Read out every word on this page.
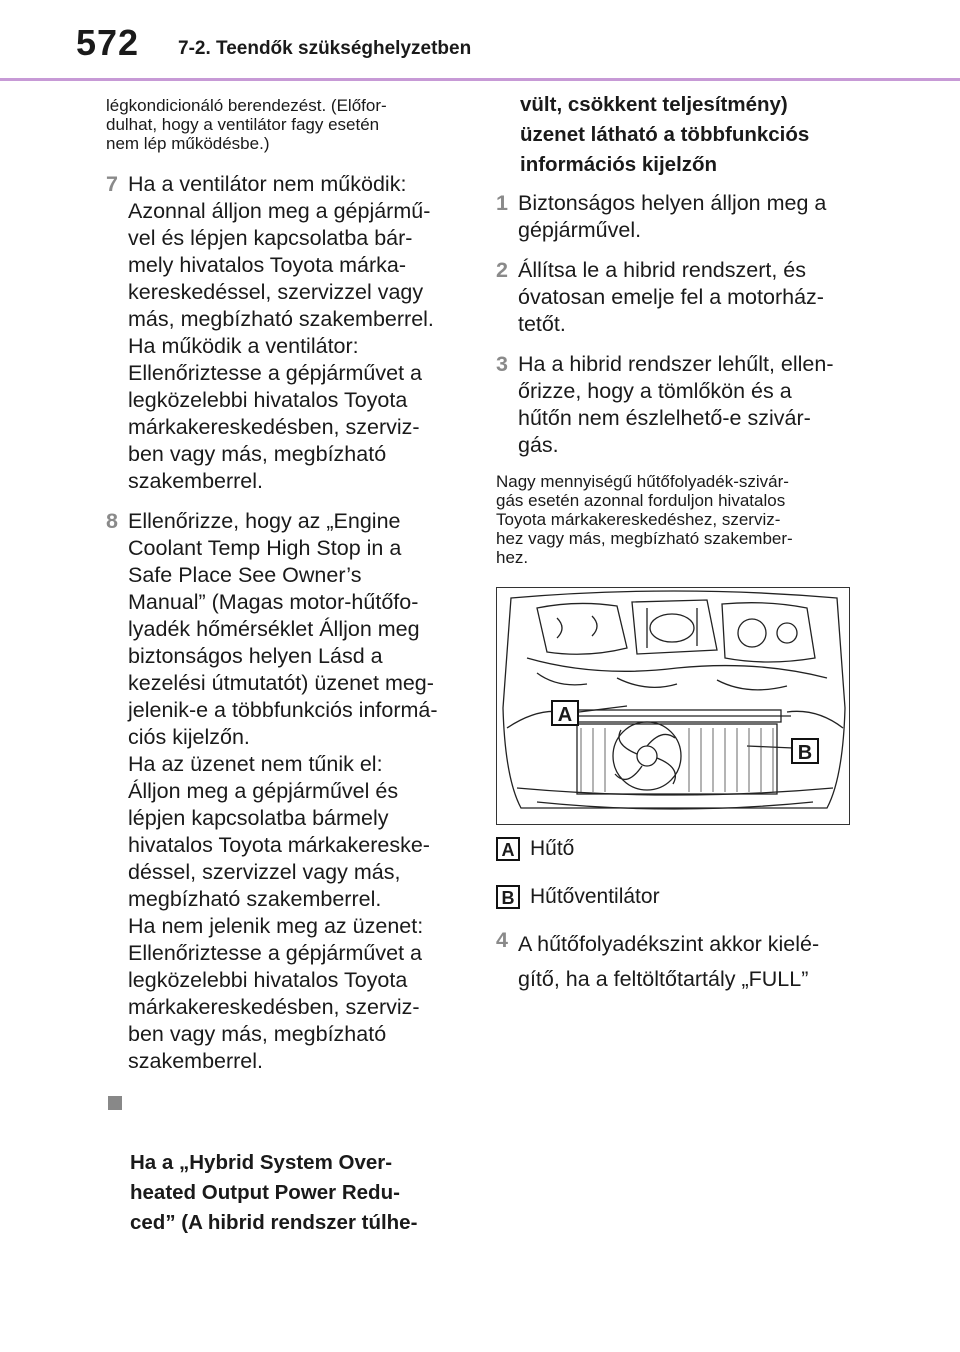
572 7-2. Teendők szükséghelyzetben

légkondicionáló berendezést. (Előfor-
dulhat, hogy a ventilátor fagy esetén
nem lép működésbe.)

7 Ha a ventilátor nem működik:
Azonnal álljon meg a gépjármű-
vel és lépjen kapcsolatba bár-
mely hivatalos Toyota márka-
kereskedéssel, szervizzel vagy
más, megbízható szakemberrel.
Ha működik a ventilátor:
Ellenőriztesse a gépjárművet a
legközelebbi hivatalos Toyota
márkakereskedésben, szerviz-
ben vagy más, megbízható
szakemberrel.
8 Ellenőrizze, hogy az „Engine
Coolant Temp High Stop in a
Safe Place See Owner’s
Manual” (Magas motor-hűtőfo-
lyadék hőmérséklet Álljon meg
biztonságos helyen Lásd a
kezelési útmutatót) üzenet meg-
jelenik-e a többfunkciós informá-
ciós kijelzőn.
Ha az üzenet nem tűnik el:
Álljon meg a gépjárművel és
lépjen kapcsolatba bármely
hivatalos Toyota márkakereske-
déssel, szervizzel vagy más,
megbízható szakemberrel.
Ha nem jelenik meg az üzenet:
Ellenőriztesse a gépjárművet a
legközelebbi hivatalos Toyota
márkakereskedésben, szerviz-
ben vagy más, megbízható
szakemberrel.

Ha a „Hybrid System Over-
heated Output Power Redu-
ced” (A hibrid rendszer túlhe-

vült, csökkent teljesítmény)
üzenet látható a többfunkciós
információs kijelzőn
1 Biztonságos helyen álljon meg a
gépjárművel.
2 Állítsa le a hibrid rendszert, és
óvatosan emelje fel a motorház-
tetőt.
3 Ha a hibrid rendszer lehűlt, ellen-
őrizze, hogy a tömlőkön és a
hűtőn nem észlelhető-e szivár-
gás.

Nagy mennyiségű hűtőfolyadék-szivár-
gás esetén azonnal forduljon hivatalos
Toyota márkakereskedéshez, szerviz-
hez vagy más, megbízható szakember-
hez.

A
B
A Hűtő
B Hűtőventilátor
4 A hűtőfolyadékszint akkor kielé-
gítő, ha a feltöltőtartály „FULL”
